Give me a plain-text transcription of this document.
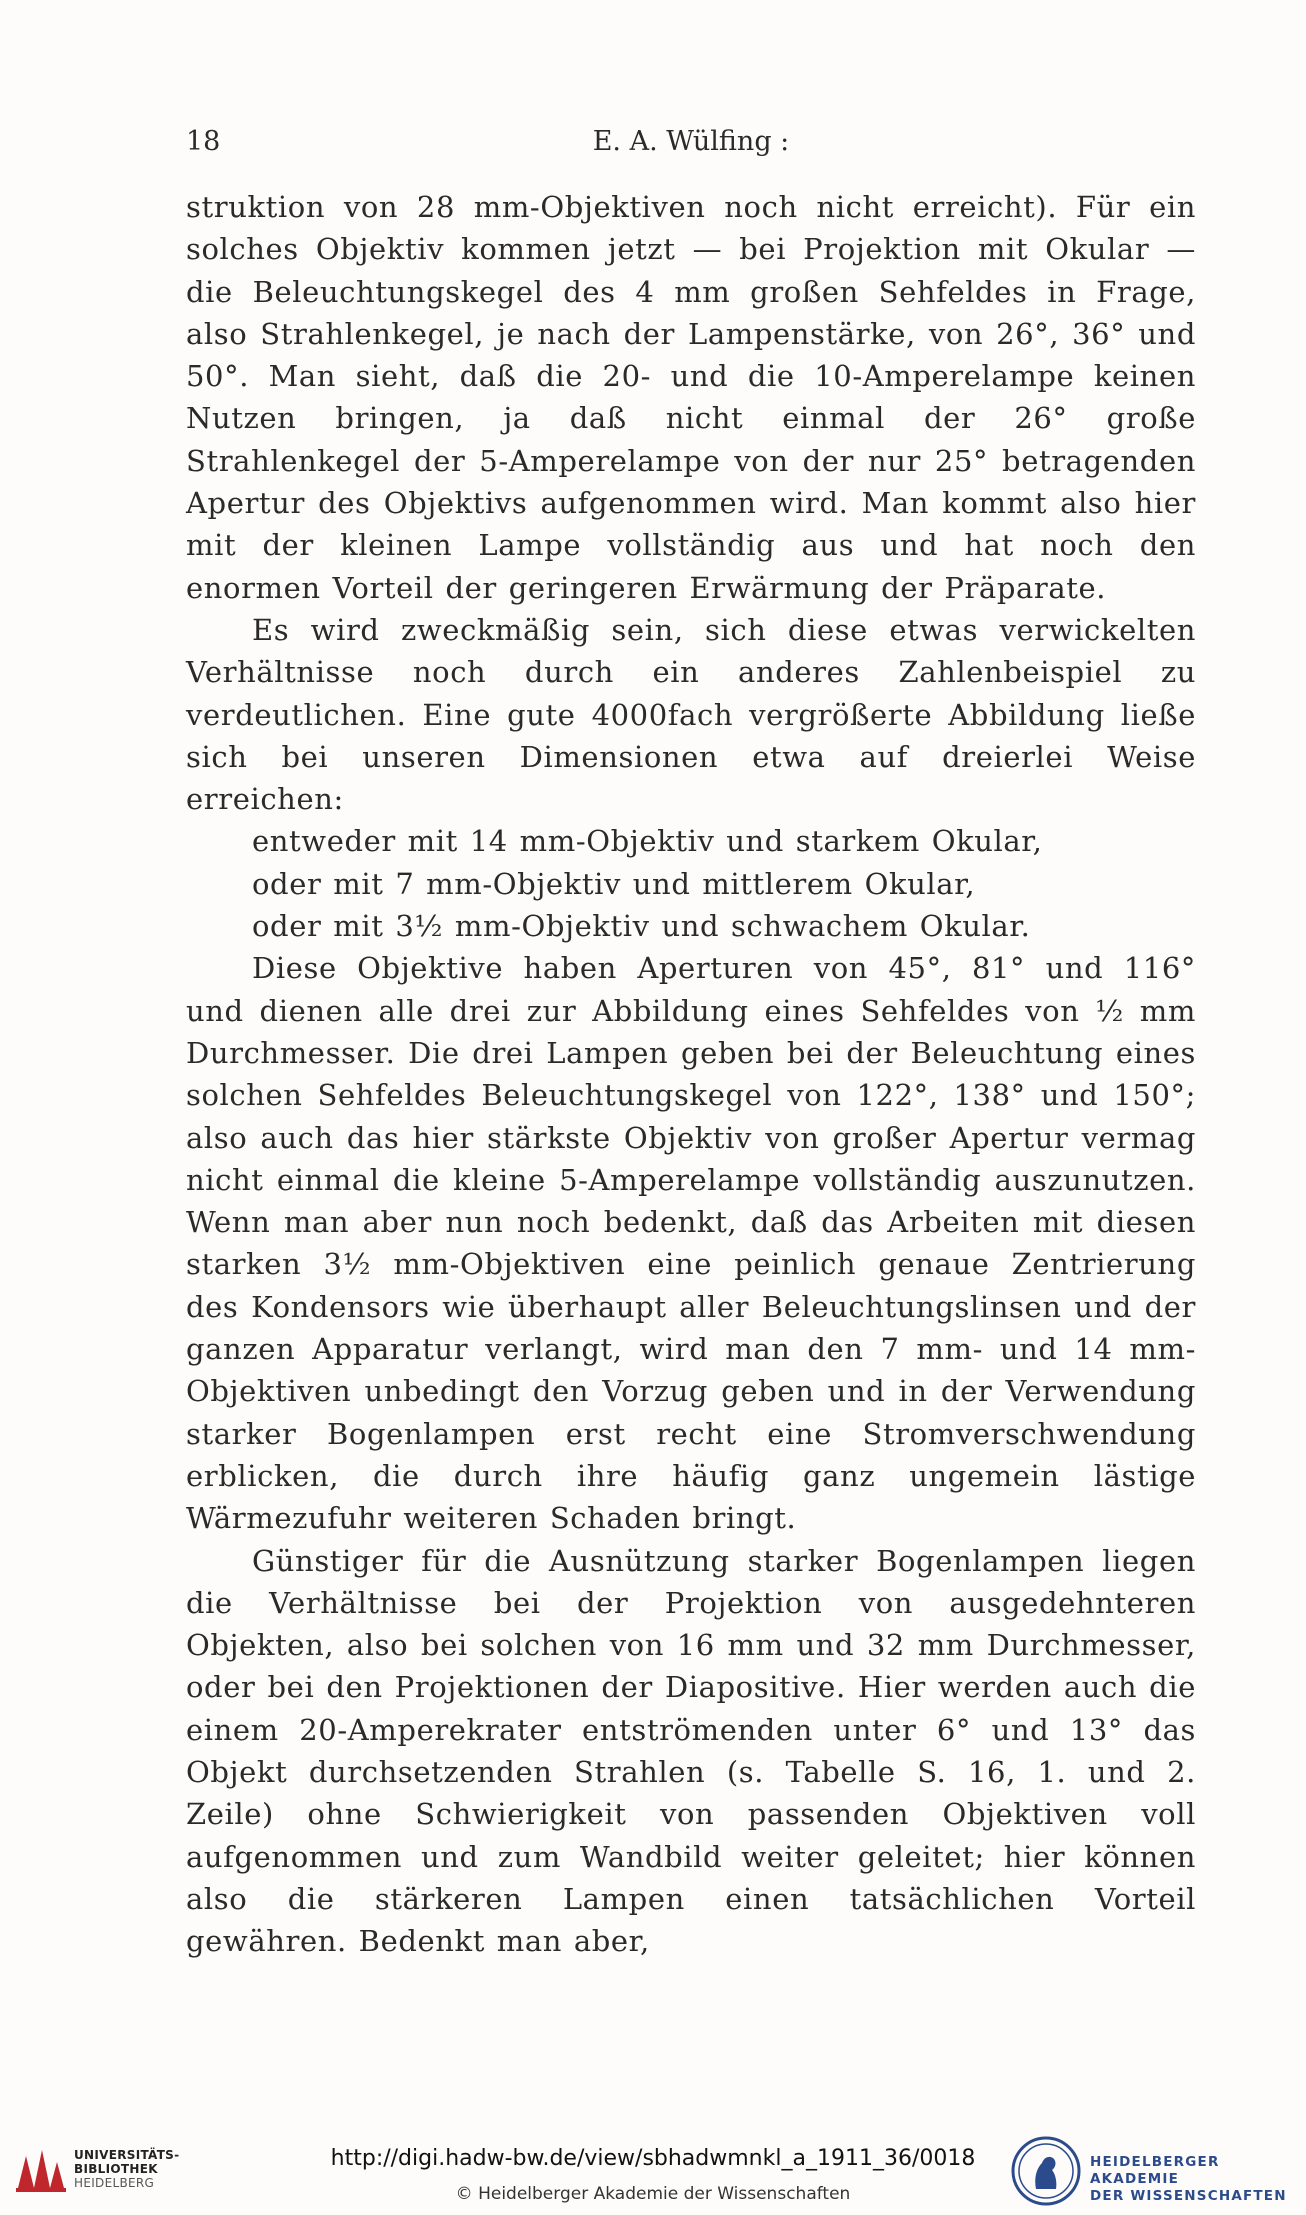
18	E. A. Wülfing :

struktion von 28 mm-Objektiven noch nicht erreicht). Für ein solches Objektiv kommen jetzt — bei Projektion mit Okular — die Beleuchtungskegel des 4 mm großen Sehfeldes in Frage, also Strahlenkegel, je nach der Lampenstärke, von 26°, 36° und 50°. Man sieht, daß die 20- und die 10-Amperelampe keinen Nutzen bringen, ja daß nicht einmal der 26° große Strahlenkegel der 5-Amperelampe von der nur 25° betragenden Apertur des Objektivs aufgenommen wird. Man kommt also hier mit der kleinen Lampe vollständig aus und hat noch den enormen Vorteil der geringeren Erwärmung der Präparate.

Es wird zweckmäßig sein, sich diese etwas verwickelten Verhältnisse noch durch ein anderes Zahlenbeispiel zu verdeutlichen. Eine gute 4000fach vergrößerte Abbildung ließe sich bei unseren Dimensionen etwa auf dreierlei Weise erreichen:

entweder mit 14 mm-Objektiv und starkem Okular,
oder mit 7 mm-Objektiv und mittlerem Okular,
oder mit 3½ mm-Objektiv und schwachem Okular.

Diese Objektive haben Aperturen von 45°, 81° und 116° und dienen alle drei zur Abbildung eines Sehfeldes von ½ mm Durchmesser. Die drei Lampen geben bei der Beleuchtung eines solchen Sehfeldes Beleuchtungskegel von 122°, 138° und 150°; also auch das hier stärkste Objektiv von großer Apertur vermag nicht einmal die kleine 5-Amperelampe vollständig auszunutzen. Wenn man aber nun noch bedenkt, daß das Arbeiten mit diesen starken 3½ mm-Objektiven eine peinlich genaue Zentrierung des Kondensors wie überhaupt aller Beleuchtungslinsen und der ganzen Apparatur verlangt, wird man den 7 mm- und 14 mm-Objektiven unbedingt den Vorzug geben und in der Verwendung starker Bogenlampen erst recht eine Stromverschwendung erblicken, die durch ihre häufig ganz ungemein lästige Wärmezufuhr weiteren Schaden bringt.

Günstiger für die Ausnützung starker Bogenlampen liegen die Verhältnisse bei der Projektion von ausgedehnteren Objekten, also bei solchen von 16 mm und 32 mm Durchmesser, oder bei den Projektionen der Diapositive. Hier werden auch die einem 20-Amperekrater entströmenden unter 6° und 13° das Objekt durchsetzenden Strahlen (s. Tabelle S. 16, 1. und 2. Zeile) ohne Schwierigkeit von passenden Objektiven voll aufgenommen und zum Wandbild weiter geleitet; hier können also die stärkeren Lampen einen tatsächlichen Vorteil gewähren. Bedenkt man aber,

UNIVERSITÄTS-
BIBLIOTHEK
HEIDELBERG
http://digi.hadw-bw.de/view/sbhadwmnkl_a_1911_36/0018
© Heidelberger Akademie der Wissenschaften
HEIDELBERGER AKADEMIE
DER WISSENSCHAFTEN
